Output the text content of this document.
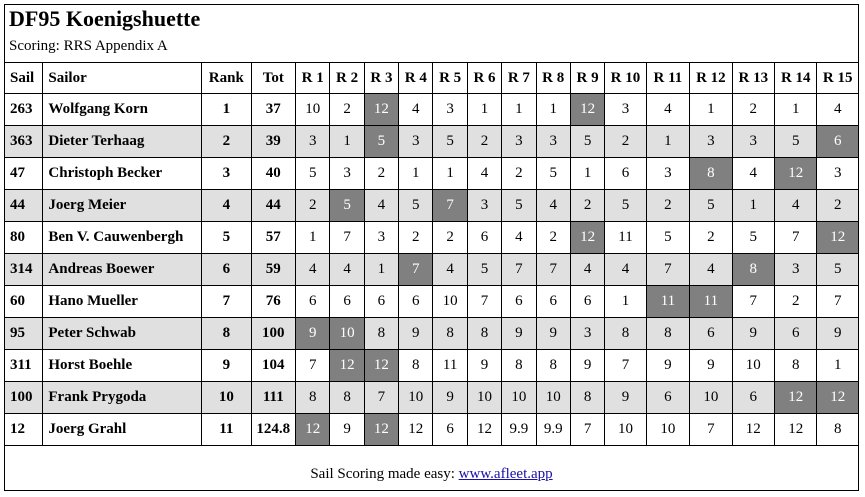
DF95 Koenigshuette
Scoring: RRS Appendix A
Sail	Sailor	Rank	Tot	R 1	R 2	R 3	R 4	R 5	R 6	R 7	R 8	R 9	R 10	R 11	R 12	R 13	R 14	R 15
263	Wolfgang Korn	1	37	10	2	12	4	3	1	1	1	12	3	4	1	2	1	4
363	Dieter Terhaag	2	39	3	1	5	3	5	2	3	3	5	2	1	3	3	5	6
47	Christoph Becker	3	40	5	3	2	1	1	4	2	5	1	6	3	8	4	12	3
44	Joerg Meier	4	44	2	5	4	5	7	3	5	4	2	5	2	5	1	4	2
80	Ben V. Cauwenbergh	5	57	1	7	3	2	2	6	4	2	12	11	5	2	5	7	12
314	Andreas Boewer	6	59	4	4	1	7	4	5	7	7	4	4	7	4	8	3	5
60	Hano Mueller	7	76	6	6	6	6	10	7	6	6	6	1	11	11	7	2	7
95	Peter Schwab	8	100	9	10	8	9	8	8	9	9	3	8	8	6	9	6	9
311	Horst Boehle	9	104	7	12	12	8	11	9	8	8	9	7	9	9	10	8	1
100	Frank Prygoda	10	111	8	8	7	10	9	10	10	10	8	9	6	10	6	12	12
12	Joerg Grahl	11	124.8	12	9	12	12	6	12	9.9	9.9	7	10	10	7	12	12	8
Sail Scoring made easy: www.afleet.app
